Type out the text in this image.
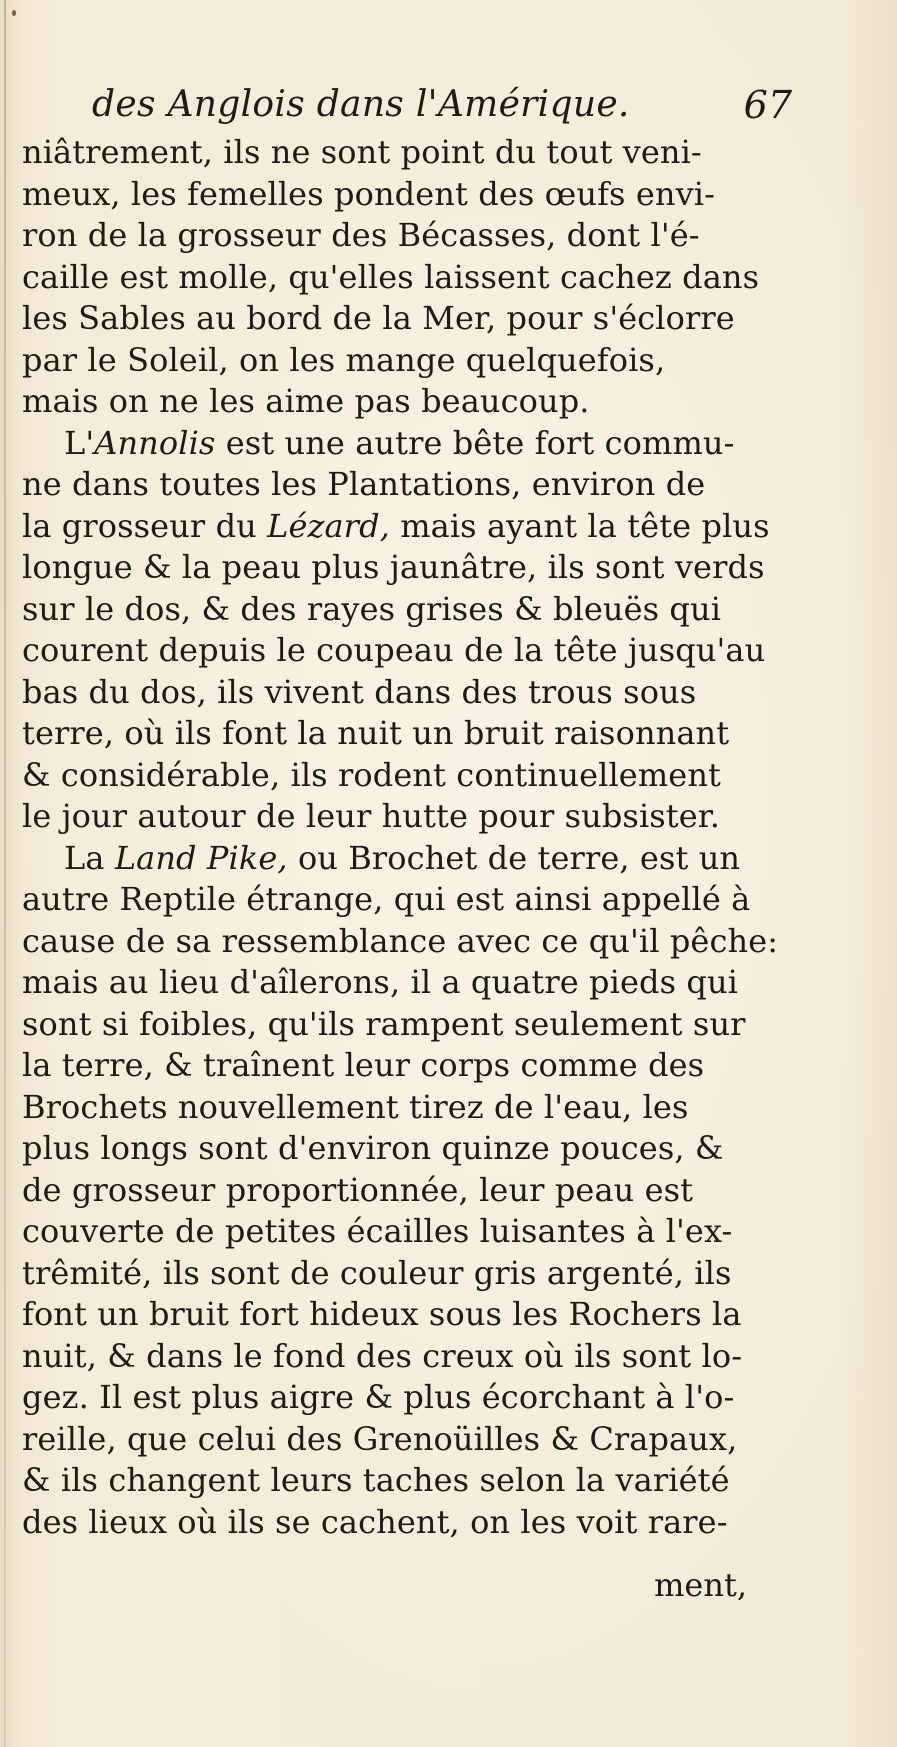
des Anglois dans l'Amérique.	67
niâtrement, ils ne sont point du tout veni-
meux, les femelles pondent des œufs envi-
ron de la grosseur des Bécasses, dont l'é-
caille est molle, qu'elles laissent cachez dans
les Sables au bord de la Mer, pour s'éclorre
par le Soleil, on les mange quelquefois,
mais on ne les aime pas beaucoup.
L'Annolis est une autre bête fort commu-
ne dans toutes les Plantations, environ de
la grosseur du Lézard, mais ayant la tête plus
longue & la peau plus jaunâtre, ils sont verds
sur le dos, & des rayes grises & bleuës qui
courent depuis le coupeau de la tête jusqu'au
bas du dos, ils vivent dans des trous sous
terre, où ils font la nuit un bruit raisonnant
& considérable, ils rodent continuellement
le jour autour de leur hutte pour subsister.
La Land Pike, ou Brochet de terre, est un
autre Reptile étrange, qui est ainsi appellé à
cause de sa ressemblance avec ce qu'il pêche:
mais au lieu d'aîlerons, il a quatre pieds qui
sont si foibles, qu'ils rampent seulement sur
la terre, & traînent leur corps comme des
Brochets nouvellement tirez de l'eau, les
plus longs sont d'environ quinze pouces, &
de grosseur proportionnée, leur peau est
couverte de petites écailles luisantes à l'ex-
trêmité, ils sont de couleur gris argenté, ils
font un bruit fort hideux sous les Rochers la
nuit, & dans le fond des creux où ils sont lo-
gez. Il est plus aigre & plus écorchant à l'o-
reille, que celui des Grenoüilles & Crapaux,
& ils changent leurs taches selon la variété
des lieux où ils se cachent, on les voit rare-
ment,
